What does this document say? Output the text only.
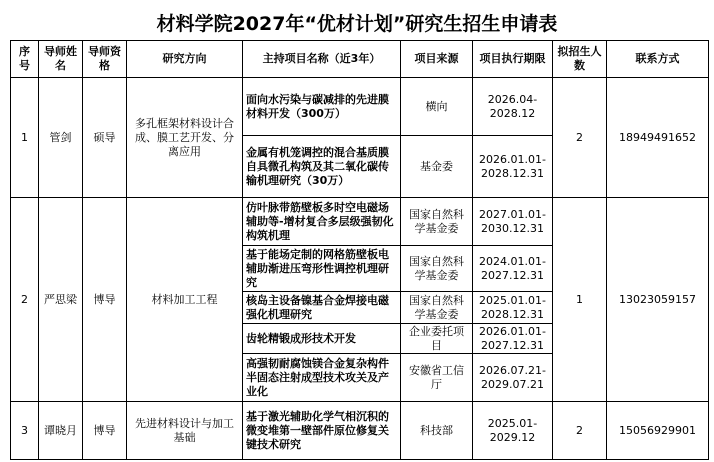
材料学院2027年“优材计划”研究生招生申请表
序号	导师姓名	导师资格	研究方向	主持项目名称（近3年）	项目来源	项目执行期限	拟招生人数	联系方式
1	管剑	硕导	多孔框架材料设计合成、膜工艺开发、分离应用	面向水污染与碳减排的先进膜材料开发（300万）	横向	2026.04-2028.12	2	18949491652
				金属有机笼调控的混合基质膜自具微孔构筑及其二氧化碳传输机理研究（30万）	基金委	2026.01.01-2028.12.31		
2	严思梁	博导	材料加工工程	仿叶脉带筋壁板多时空电磁场辅助等-增材复合多层级强韧化构筑机理	国家自然科学基金委	2027.01.01-2030.12.31	1	13023059157
				基于能场定制的网格筋壁板电辅助渐进压弯形性调控机理研究	国家自然科学基金委	2024.01.01-2027.12.31		
				核岛主设备镍基合金焊接电磁强化机理研究	国家自然科学基金委	2025.01.01-2028.12.31		
				齿轮精锻成形技术开发	企业委托项目	2026.01.01-2027.12.31		
				高强韧耐腐蚀镁合金复杂构件半固态注射成型技术攻关及产业化	安徽省工信厅	2026.07.21-2029.07.21		
3	谭晓月	博导	先进材料设计与加工基础	基于激光辅助化学气相沉积的微变堆第一壁部件原位修复关键技术研究	科技部	2025.01-2029.12	2	15056929901
